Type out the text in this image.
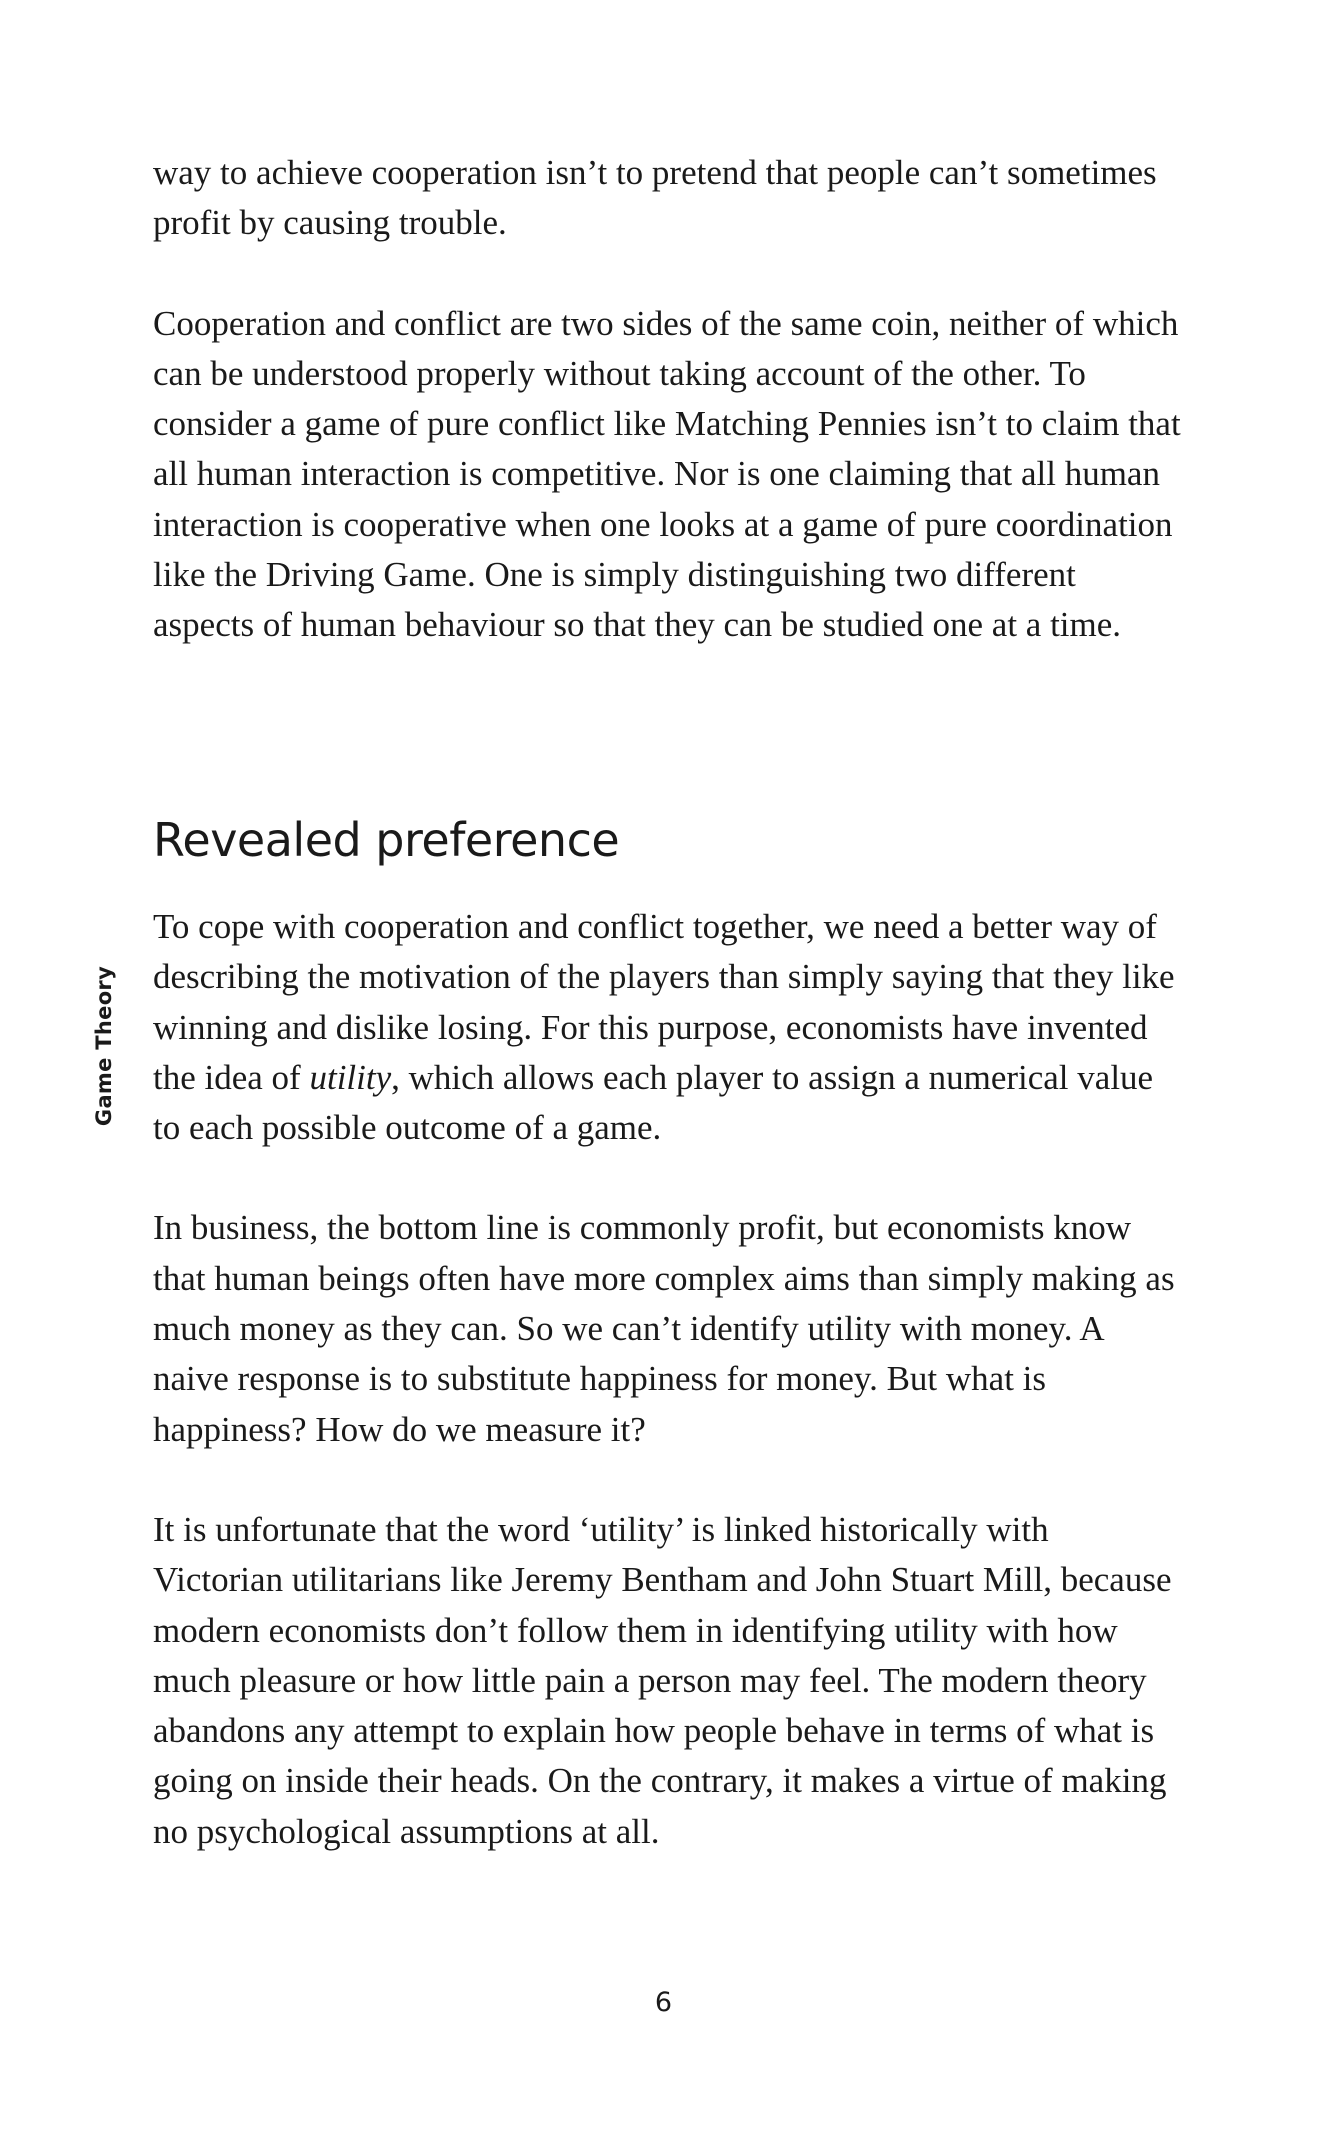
way to achieve cooperation isn’t to pretend that people can’t sometimes profit by causing trouble.

Cooperation and conflict are two sides of the same coin, neither of which can be understood properly without taking account of the other. To consider a game of pure conflict like Matching Pennies isn’t to claim that all human interaction is competitive. Nor is one claiming that all human interaction is cooperative when one looks at a game of pure coordination like the Driving Game. One is simply distinguishing two different aspects of human behaviour so that they can be studied one at a time.

Revealed preference
Game Theory

To cope with cooperation and conflict together, we need a better way of describing the motivation of the players than simply saying that they like winning and dislike losing. For this purpose, economists have invented the idea of utility, which allows each player to assign a numerical value to each possible outcome of a game.

In business, the bottom line is commonly profit, but economists know that human beings often have more complex aims than simply making as much money as they can. So we can’t identify utility with money. A naive response is to substitute happiness for money. But what is happiness? How do we measure it?

It is unfortunate that the word ‘utility’ is linked historically with Victorian utilitarians like Jeremy Bentham and John Stuart Mill, because modern economists don’t follow them in identifying utility with how much pleasure or how little pain a person may feel. The modern theory abandons any attempt to explain how people behave in terms of what is going on inside their heads. On the contrary, it makes a virtue of making no psychological assumptions at all.

6
